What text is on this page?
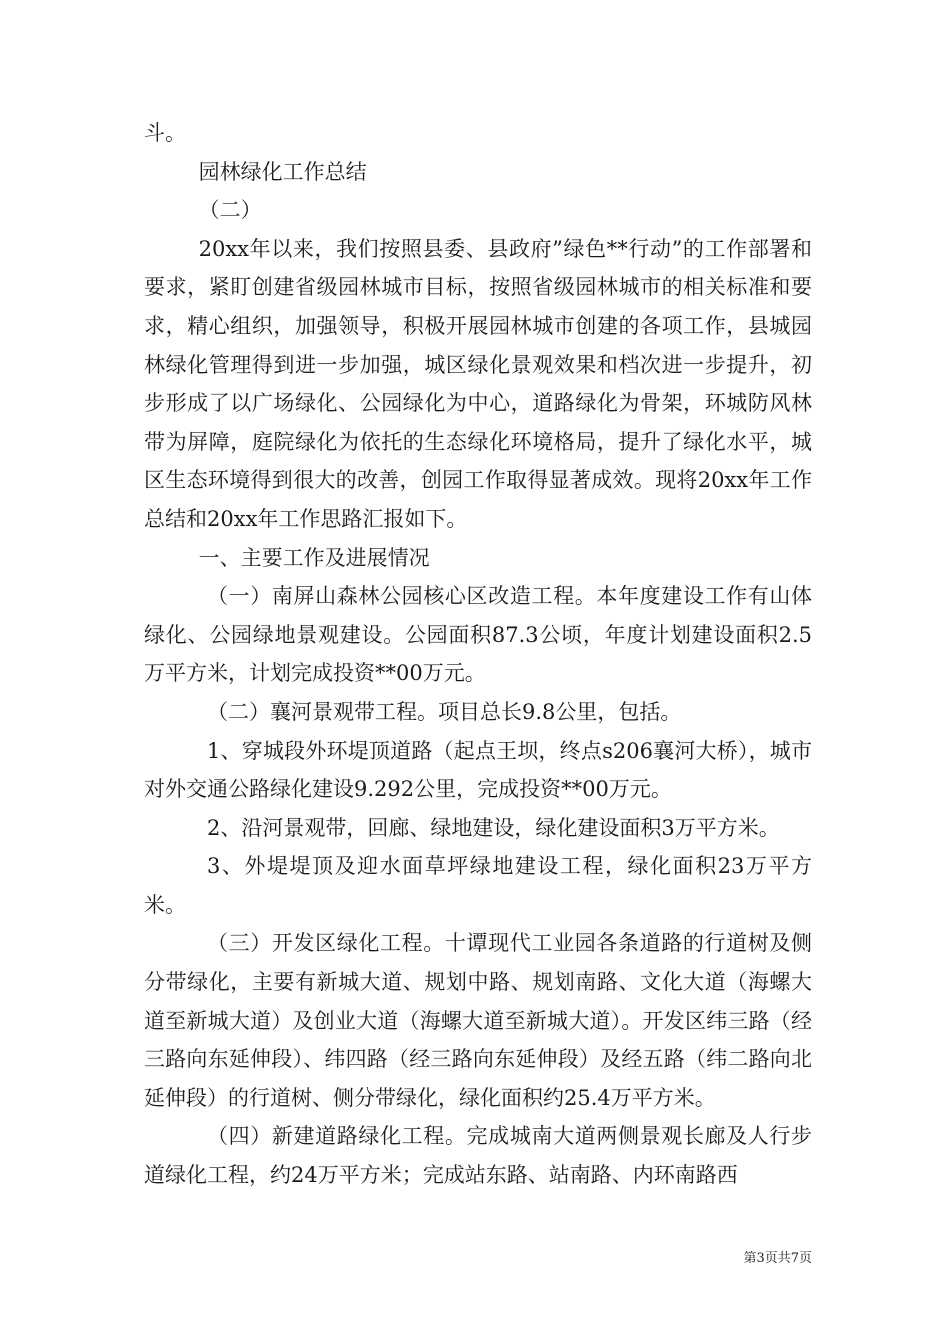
斗。

园林绿化工作总结

（二）

20xx年以来，我们按照县委、县政府”绿色**行动”的工作部署和要求，紧盯创建省级园林城市目标，按照省级园林城市的相关标准和要求，精心组织，加强领导，积极开展园林城市创建的各项工作，县城园林绿化管理得到进一步加强，城区绿化景观效果和档次进一步提升，初步形成了以广场绿化、公园绿化为中心，道路绿化为骨架，环城防风林带为屏障，庭院绿化为依托的生态绿化环境格局，提升了绿化水平，城区生态环境得到很大的改善，创园工作取得显著成效。现将20xx年工作总结和20xx年工作思路汇报如下。

一、主要工作及进展情况

（一）南屏山森林公园核心区改造工程。本年度建设工作有山体绿化、公园绿地景观建设。公园面积87.3公顷，年度计划建设面积2.5万平方米，计划完成投资**00万元。

（二）襄河景观带工程。项目总长9.8公里，包括。

1、穿城段外环堤顶道路（起点王坝，终点s206襄河大桥），城市对外交通公路绿化建设9.292公里，完成投资**00万元。

2、沿河景观带，回廊、绿地建设，绿化建设面积3万平方米。

3、外堤堤顶及迎水面草坪绿地建设工程，绿化面积23万平方米。

（三）开发区绿化工程。十谭现代工业园各条道路的行道树及侧分带绿化，主要有新城大道、规划中路、规划南路、文化大道（海螺大道至新城大道）及创业大道（海螺大道至新城大道）。开发区纬三路（经三路向东延伸段）、纬四路（经三路向东延伸段）及经五路（纬二路向北延伸段）的行道树、侧分带绿化，绿化面积约25.4万平方米。

（四）新建道路绿化工程。完成城南大道两侧景观长廊及人行步道绿化工程，约24万平方米；完成站东路、站南路、内环南路西

第3页共7页
